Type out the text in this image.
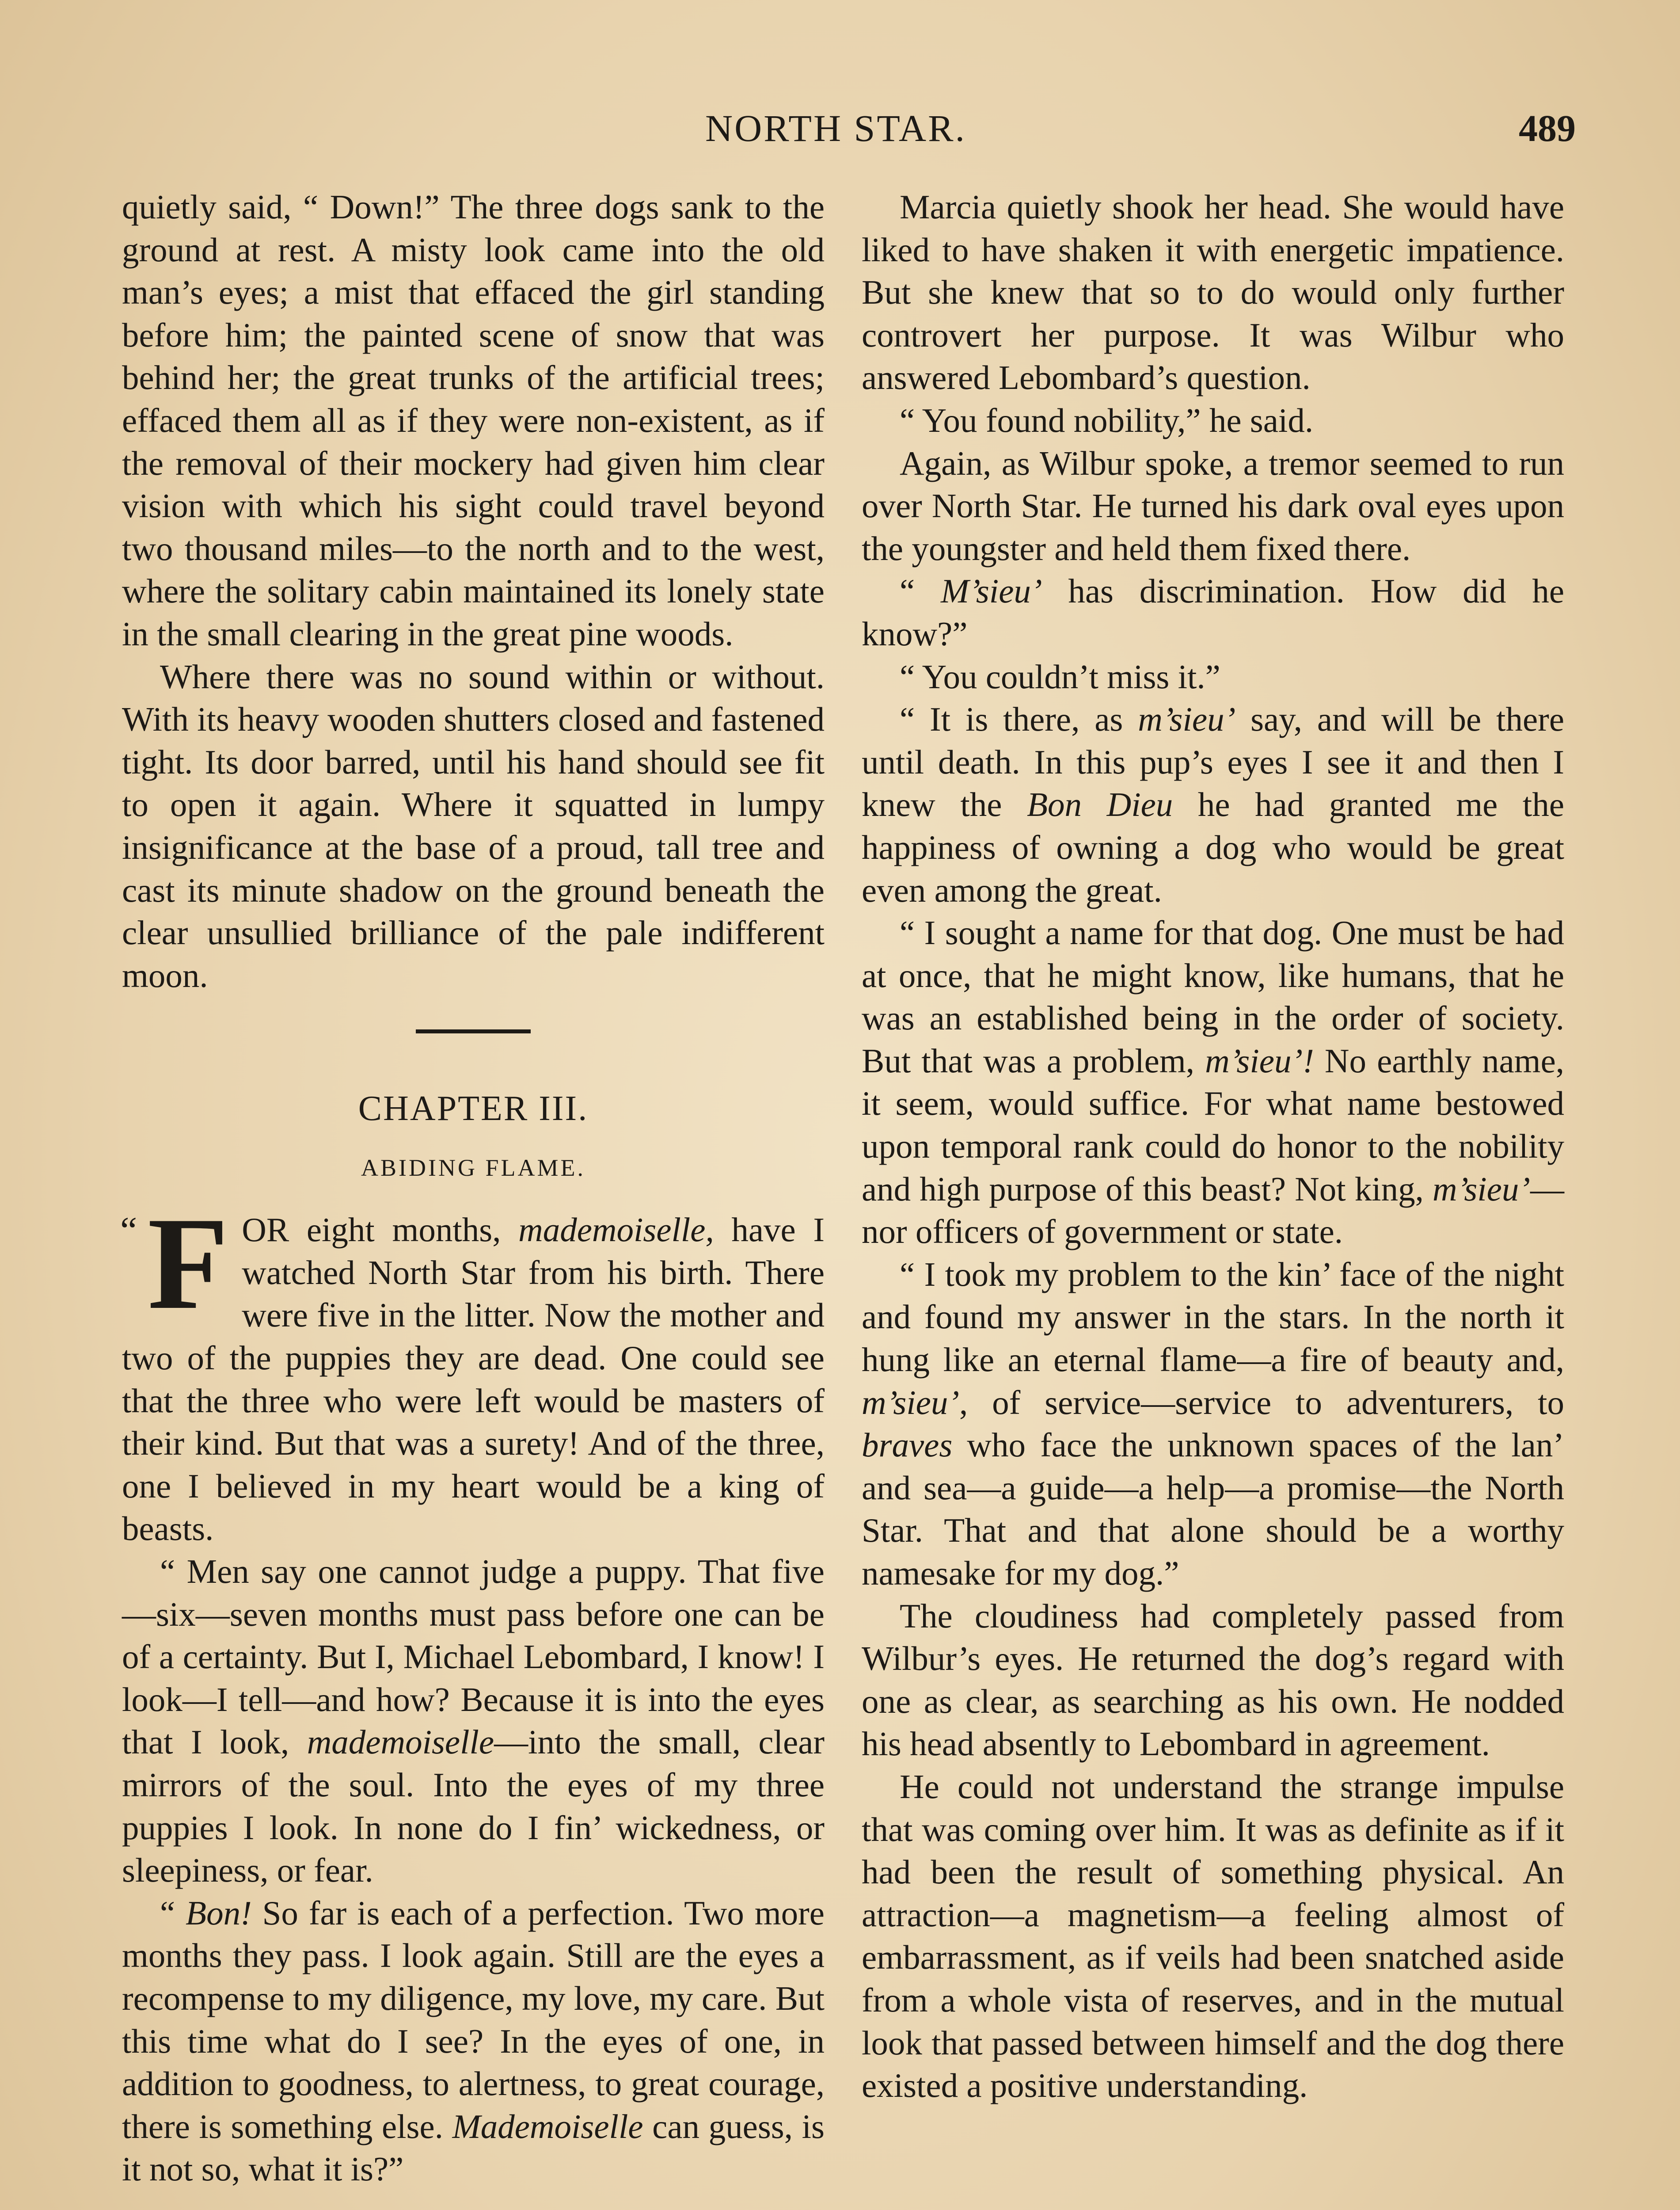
NORTH STAR.	489

quietly said, “ Down!” The three dogs sank to the ground at rest. A misty look came into the old man’s eyes; a mist that effaced the girl standing before him; the painted scene of snow that was behind her; the great trunks of the artificial trees; effaced them all as if they were non-existent, as if the removal of their mockery had given him clear vision with which his sight could travel beyond two thousand miles—to the north and to the west, where the solitary cabin maintained its lonely state in the small clearing in the great pine woods.

Where there was no sound within or without. With its heavy wooden shutters closed and fastened tight. Its door barred, until his hand should see fit to open it again. Where it squatted in lumpy insignificance at the base of a proud, tall tree and cast its minute shadow on the ground beneath the clear unsullied brilliance of the pale indifferent moon.

CHAPTER III.
ABIDING FLAME.
“ FOR eight months, mademoiselle, have I watched North Star from his birth. There were five in the litter. Now the mother and two of the puppies they are dead. One could see that the three who were left would be masters of their kind. But that was a surety! And of the three, one I believed in my heart would be a king of beasts.

“ Men say one cannot judge a puppy. That five—six—seven months must pass before one can be of a certainty. But I, Michael Lebombard, I know! I look—I tell—and how? Because it is into the eyes that I look, mademoiselle—into the small, clear mirrors of the soul. Into the eyes of my three puppies I look. In none do I fin’ wickedness, or sleepiness, or fear.

“ Bon! So far is each of a perfection. Two more months they pass. I look again. Still are the eyes a recompense to my diligence, my love, my care. But this time what do I see? In the eyes of one, in addition to goodness, to alertness, to great courage, there is something else. Mademoiselle can guess, is it not so, what it is?”

Marcia quietly shook her head. She would have liked to have shaken it with energetic impatience. But she knew that so to do would only further controvert her purpose. It was Wilbur who answered Lebombard’s question.

“ You found nobility,” he said.

Again, as Wilbur spoke, a tremor seemed to run over North Star. He turned his dark oval eyes upon the youngster and held them fixed there.

“ M’sieu’ has discrimination. How did he know?”

“ You couldn’t miss it.”

“ It is there, as m’sieu’ say, and will be there until death. In this pup’s eyes I see it and then I knew the Bon Dieu he had granted me the happiness of owning a dog who would be great even among the great.

“ I sought a name for that dog. One must be had at once, that he might know, like humans, that he was an established being in the order of society. But that was a problem, m’sieu’! No earthly name, it seem, would suffice. For what name bestowed upon temporal rank could do honor to the nobility and high purpose of this beast? Not king, m’sieu’—nor officers of government or state.

“ I took my problem to the kin’ face of the night and found my answer in the stars. In the north it hung like an eternal flame—a fire of beauty and, m’sieu’, of service—service to adventurers, to braves who face the unknown spaces of the lan’ and sea—a guide—a help—a promise—the North Star. That and that alone should be a worthy namesake for my dog.”

The cloudiness had completely passed from Wilbur’s eyes. He returned the dog’s regard with one as clear, as searching as his own. He nodded his head absently to Lebombard in agreement.

He could not understand the strange impulse that was coming over him. It was as definite as if it had been the result of something physical. An attraction—a magnetism—a feeling almost of embarrassment, as if veils had been snatched aside from a whole vista of reserves, and in the mutual look that passed between himself and the dog there existed a positive understanding.
